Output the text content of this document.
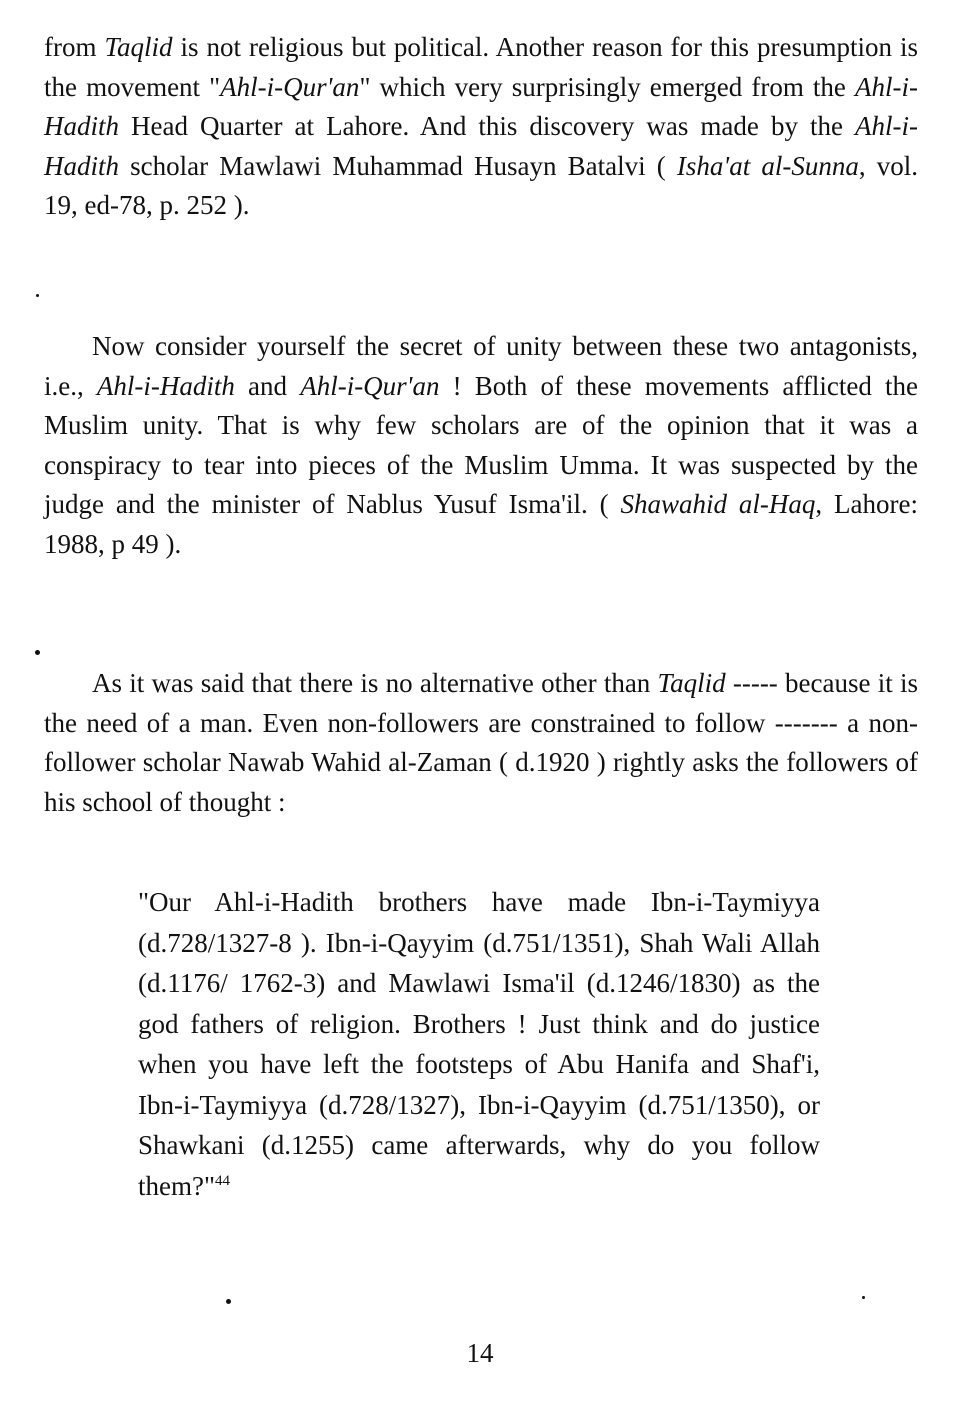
from Taqlid is not religious but political. Another reason for this presumption is the movement "Ahl-i-Qur'an" which very surprisingly emerged from the Ahl-i-Hadith Head Quarter at Lahore. And this discovery was made by the Ahl-i-Hadith scholar Mawlawi Muhammad Husayn Batalvi ( Isha'at al-Sunna, vol. 19, ed-78, p. 252 ).

Now consider yourself the secret of unity between these two antagonists, i.e., Ahl-i-Hadith and Ahl-i-Qur'an ! Both of these movements afflicted the Muslim unity. That is why few scholars are of the opinion that it was a conspiracy to tear into pieces of the Muslim Umma. It was suspected by the judge and the minister of Nablus Yusuf Isma'il. ( Shawahid al-Haq, Lahore: 1988, p 49 ).

As it was said that there is no alternative other than Taqlid ----- because it is the need of a man. Even non-followers are constrained to follow ------- a non-follower scholar Nawab Wahid al-Zaman ( d.1920 ) rightly asks the followers of his school of thought :

"Our Ahl-i-Hadith brothers have made Ibn-i-Taymiyya (d.728/1327-8 ). Ibn-i-Qayyim (d.751/1351), Shah Wali Allah (d.1176/ 1762-3) and Mawlawi Isma'il (d.1246/1830) as the god fathers of religion. Brothers ! Just think and do justice when you have left the footsteps of Abu Hanifa and Shaf'i, Ibn-i-Taymiyya (d.728/1327), Ibn-i-Qayyim (d.751/1350), or Shawkani (d.1255) came afterwards, why do you follow them?"$^{44}$

14
